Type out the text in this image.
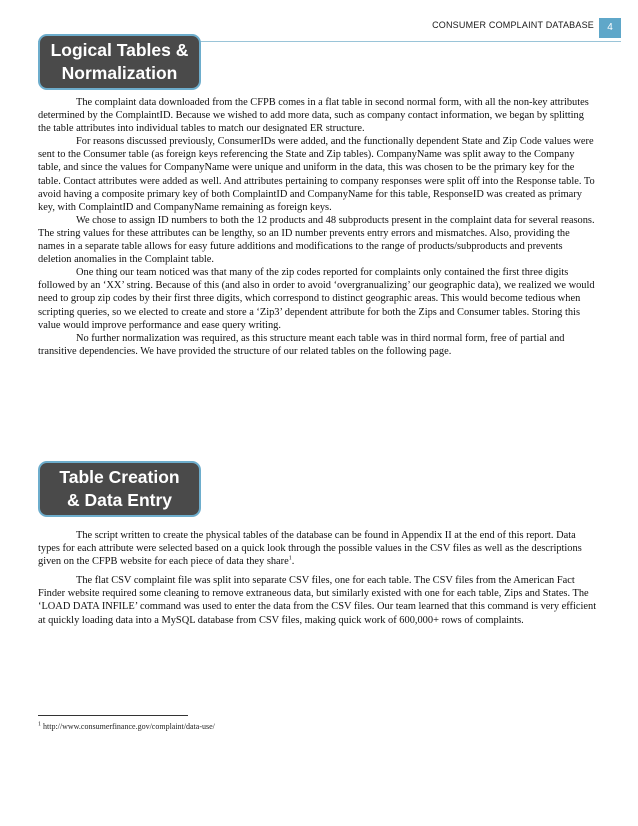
CONSUMER COMPLAINT DATABASE	4
Logical Tables &
Normalization

The complaint data downloaded from the CFPB comes in a flat table in second normal form, with all the non-key attributes determined by the ComplaintID. Because we wished to add more data, such as company contact information, we began by splitting the table attributes into individual tables to match our designated ER structure.

For reasons discussed previously, ConsumerIDs were added, and the functionally dependent State and Zip Code values were sent to the Consumer table (as foreign keys referencing the State and Zip tables). CompanyName was split away to the Company table, and since the values for CompanyName were unique and uniform in the data, this was chosen to be the primary key for the table. Contact attributes were added as well. And attributes pertaining to company responses were split off into the Response table. To avoid having a composite primary key of both ComplaintID and CompanyName for this table, ResponseID was created as primary key, with ComplaintID and CompanyName remaining as foreign keys.

We chose to assign ID numbers to both the 12 products and 48 subproducts present in the complaint data for several reasons. The string values for these attributes can be lengthy, so an ID number prevents entry errors and mismatches. Also, providing the names in a separate table allows for easy future additions and modifications to the range of products/subproducts and prevents deletion anomalies in the Complaint table.

One thing our team noticed was that many of the zip codes reported for complaints only contained the first three digits followed by an ‘XX’ string. Because of this (and also in order to avoid ‘overgranualizing’ our geographic data), we realized we would need to group zip codes by their first three digits, which correspond to distinct geographic areas. This would become tedious when scripting queries, so we elected to create and store a ‘Zip3’ dependent attribute for both the Zips and Consumer tables. Storing this value would improve performance and ease query writing.

No further normalization was required, as this structure meant each table was in third normal form, free of partial and transitive dependencies. We have provided the structure of our related tables on the following page.

Table Creation
& Data Entry

The script written to create the physical tables of the database can be found in Appendix II at the end of this report. Data types for each attribute were selected based on a quick look through the possible values in the CSV files as well as the descriptions given on the CFPB website for each piece of data they share$^1$.

The flat CSV complaint file was split into separate CSV files, one for each table. The CSV files from the American Fact Finder website required some cleaning to remove extraneous data, but similarly existed with one for each table, Zips and States. The ‘LOAD DATA INFILE’ command was used to enter the data from the CSV files. Our team learned that this command is very efficient at quickly loading data into a MySQL database from CSV files, making quick work of 600,000+ rows of complaints.

$^1$ http://www.consumerfinance.gov/complaint/data-use/
